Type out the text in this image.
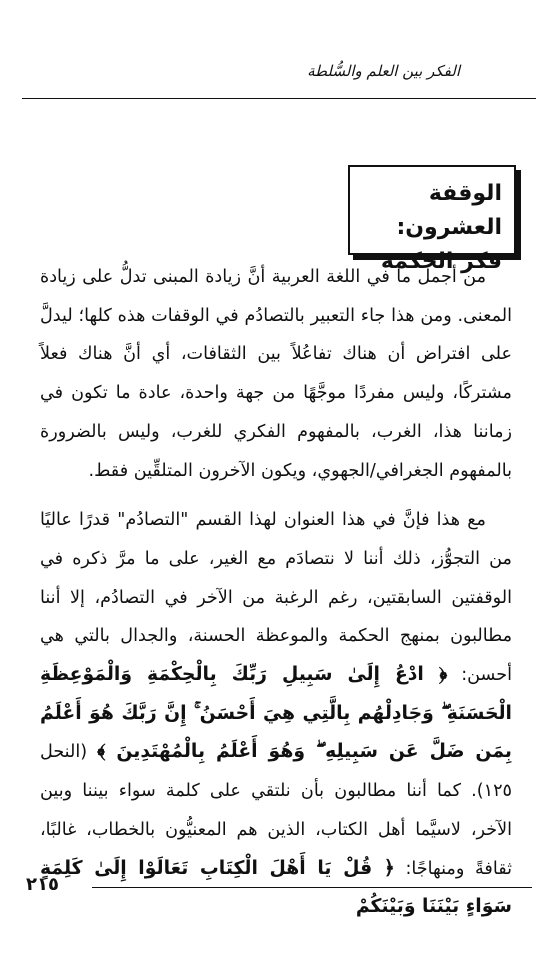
الفكر بين العلم والسُّلطة
الوقفة العشرون:
فكر الحكمة

من أجمل ما في اللغة العربية أنَّ زيادة المبنى تدلُّ على زيادة المعنى. ومن هذا جاء التعبير بالتصادُم في الوقفات هذه كلها؛ ليدلَّ على افتراض أن هناك تفاعُلاً بين الثقافات، أي أنَّ هناك فعلاً مشتركًا، وليس مفردًا موجَّهًا من جهة واحدة، عادة ما تكون في زماننا هذا، الغرب، بالمفهوم الفكري للغرب، وليس بالضرورة بالمفهوم الجغرافي/الجهوي، ويكون الآخرون المتلقِّين فقط.

مع هذا فإنَّ في هذا العنوان لهذا القسم "التصادُم" قدرًا عاليًا من التجوُّز، ذلك أننا لا نتصادَم مع الغير، على ما مرَّ ذكره في الوقفتين السابقتين، رغم الرغبة من الآخر في التصادُم، إلا أننا مطالبون بمنهج الحكمة والموعظة الحسنة، والجدال بالتي هي أحسن: ﴿ ادْعُ إِلَىٰ سَبِيلِ رَبِّكَ بِالْحِكْمَةِ وَالْمَوْعِظَةِ الْحَسَنَةِ ۖ وَجَادِلْهُم بِالَّتِي هِيَ أَحْسَنُ ۚ إِنَّ رَبَّكَ هُوَ أَعْلَمُ بِمَن ضَلَّ عَن سَبِيلِهِ ۖ وَهُوَ أَعْلَمُ بِالْمُهْتَدِينَ ﴾ (النحل ١٢٥). كما أننا مطالبون بأن نلتقي على كلمة سواء بيننا وبين الآخر، لاسيَّما أهل الكتاب، الذين هم المعنيُّون بالخطاب، غالبًا، ثقافةً ومنهاجًا: ﴿ قُلْ يَا أَهْلَ الْكِتَابِ تَعَالَوْا إِلَىٰ كَلِمَةٍ سَوَاءٍ بَيْنَنَا وَبَيْنَكُمْ

٢١٥
